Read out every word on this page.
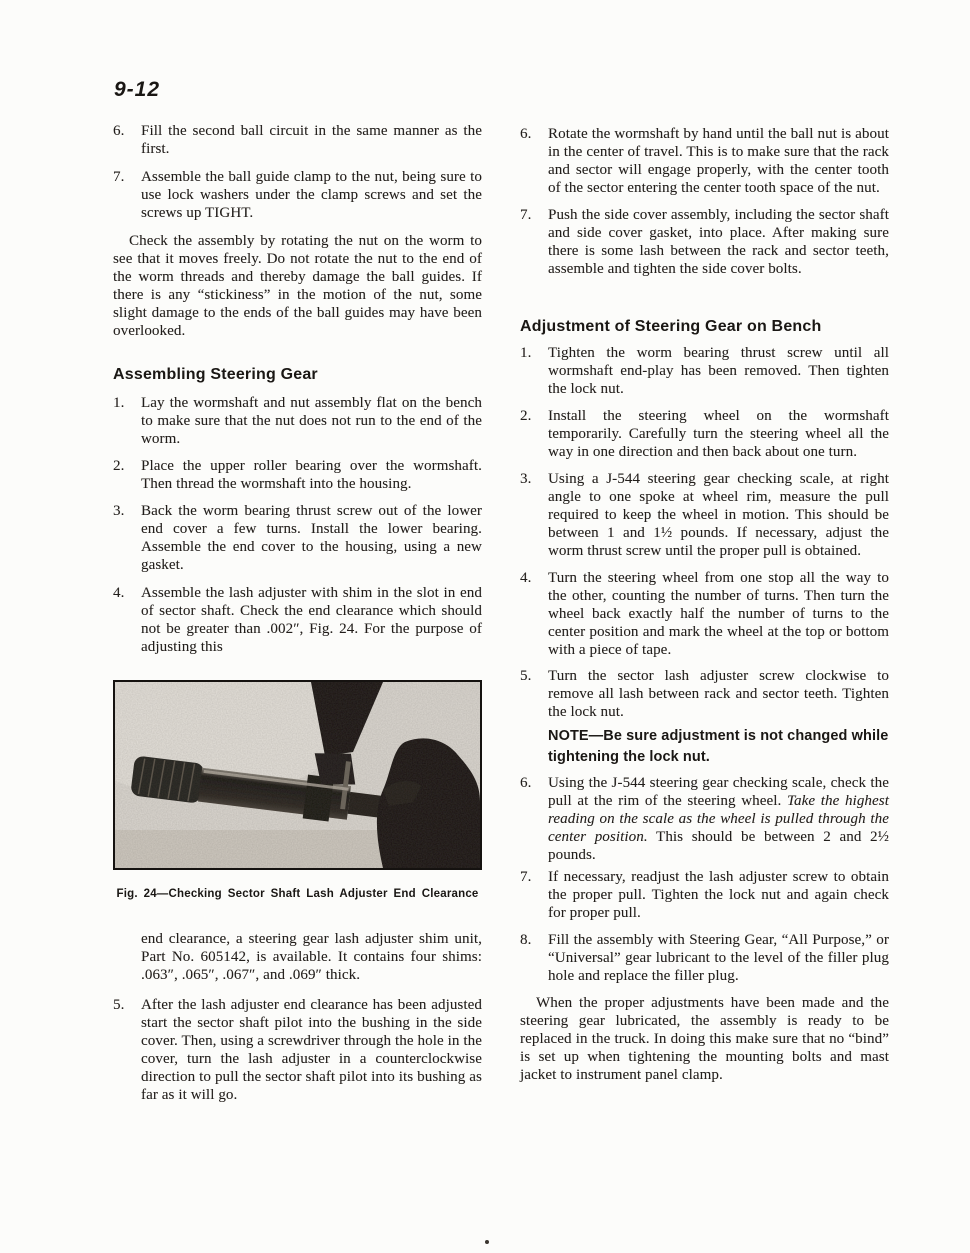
9-12
6.	Fill the second ball circuit in the same manner as the first.
7.	Assemble the ball guide clamp to the nut, being sure to use lock washers under the clamp screws and set the screws up TIGHT.
Check the assembly by rotating the nut on the worm to see that it moves freely. Do not rotate the nut to the end of the worm threads and thereby damage the ball guides. If there is any “stickiness” in the motion of the nut, some slight damage to the ends of the ball guides may have been overlooked.
Assembling Steering Gear
1.	Lay the wormshaft and nut assembly flat on the bench to make sure that the nut does not run to the end of the worm.
2.	Place the upper roller bearing over the wormshaft. Then thread the wormshaft into the housing.
3.	Back the worm bearing thrust screw out of the lower end cover a few turns. Install the lower bearing. Assemble the end cover to the housing, using a new gasket.
4.	Assemble the lash adjuster with shim in the slot in end of sector shaft. Check the end clearance which should not be greater than .002″, Fig. 24. For the purpose of adjusting this
Fig. 24—Checking Sector Shaft Lash Adjuster End Clearance
end clearance, a steering gear lash adjuster shim unit, Part No. 605142, is available. It contains four shims: .063″, .065″, .067″, and .069″ thick.
5.	After the lash adjuster end clearance has been adjusted start the sector shaft pilot into the bushing in the side cover. Then, using a screwdriver through the hole in the cover, turn the lash adjuster in a counterclockwise direction to pull the sector shaft pilot into its bushing as far as it will go.
6.	Rotate the wormshaft by hand until the ball nut is about in the center of travel. This is to make sure that the rack and sector will engage properly, with the center tooth of the sector entering the center tooth space of the nut.
7.	Push the side cover assembly, including the sector shaft and side cover gasket, into place. After making sure there is some lash between the rack and sector teeth, assemble and tighten the side cover bolts.
Adjustment of Steering Gear on Bench
1.	Tighten the worm bearing thrust screw until all wormshaft end-play has been removed. Then tighten the lock nut.
2.	Install the steering wheel on the wormshaft temporarily. Carefully turn the steering wheel all the way in one direction and then back about one turn.
3.	Using a J-544 steering gear checking scale, at right angle to one spoke at wheel rim, measure the pull required to keep the wheel in motion. This should be between 1 and 1½ pounds. If necessary, adjust the worm thrust screw until the proper pull is obtained.
4.	Turn the steering wheel from one stop all the way to the other, counting the number of turns. Then turn the wheel back exactly half the number of turns to the center position and mark the wheel at the top or bottom with a piece of tape.
5.	Turn the sector lash adjuster screw clockwise to remove all lash between rack and sector teeth. Tighten the lock nut.
NOTE—Be sure adjustment is not changed while tightening the lock nut.
6.	Using the J-544 steering gear checking scale, check the pull at the rim of the steering wheel. Take the highest reading on the scale as the wheel is pulled through the center position. This should be between 2 and 2½ pounds.
7.	If necessary, readjust the lash adjuster screw to obtain the proper pull. Tighten the lock nut and again check for proper pull.
8.	Fill the assembly with Steering Gear, “All Purpose,” or “Universal” gear lubricant to the level of the filler plug hole and replace the filler plug.
When the proper adjustments have been made and the steering gear lubricated, the assembly is ready to be replaced in the truck. In doing this make sure that no “bind” is set up when tightening the mounting bolts and mast jacket to instrument panel clamp.
